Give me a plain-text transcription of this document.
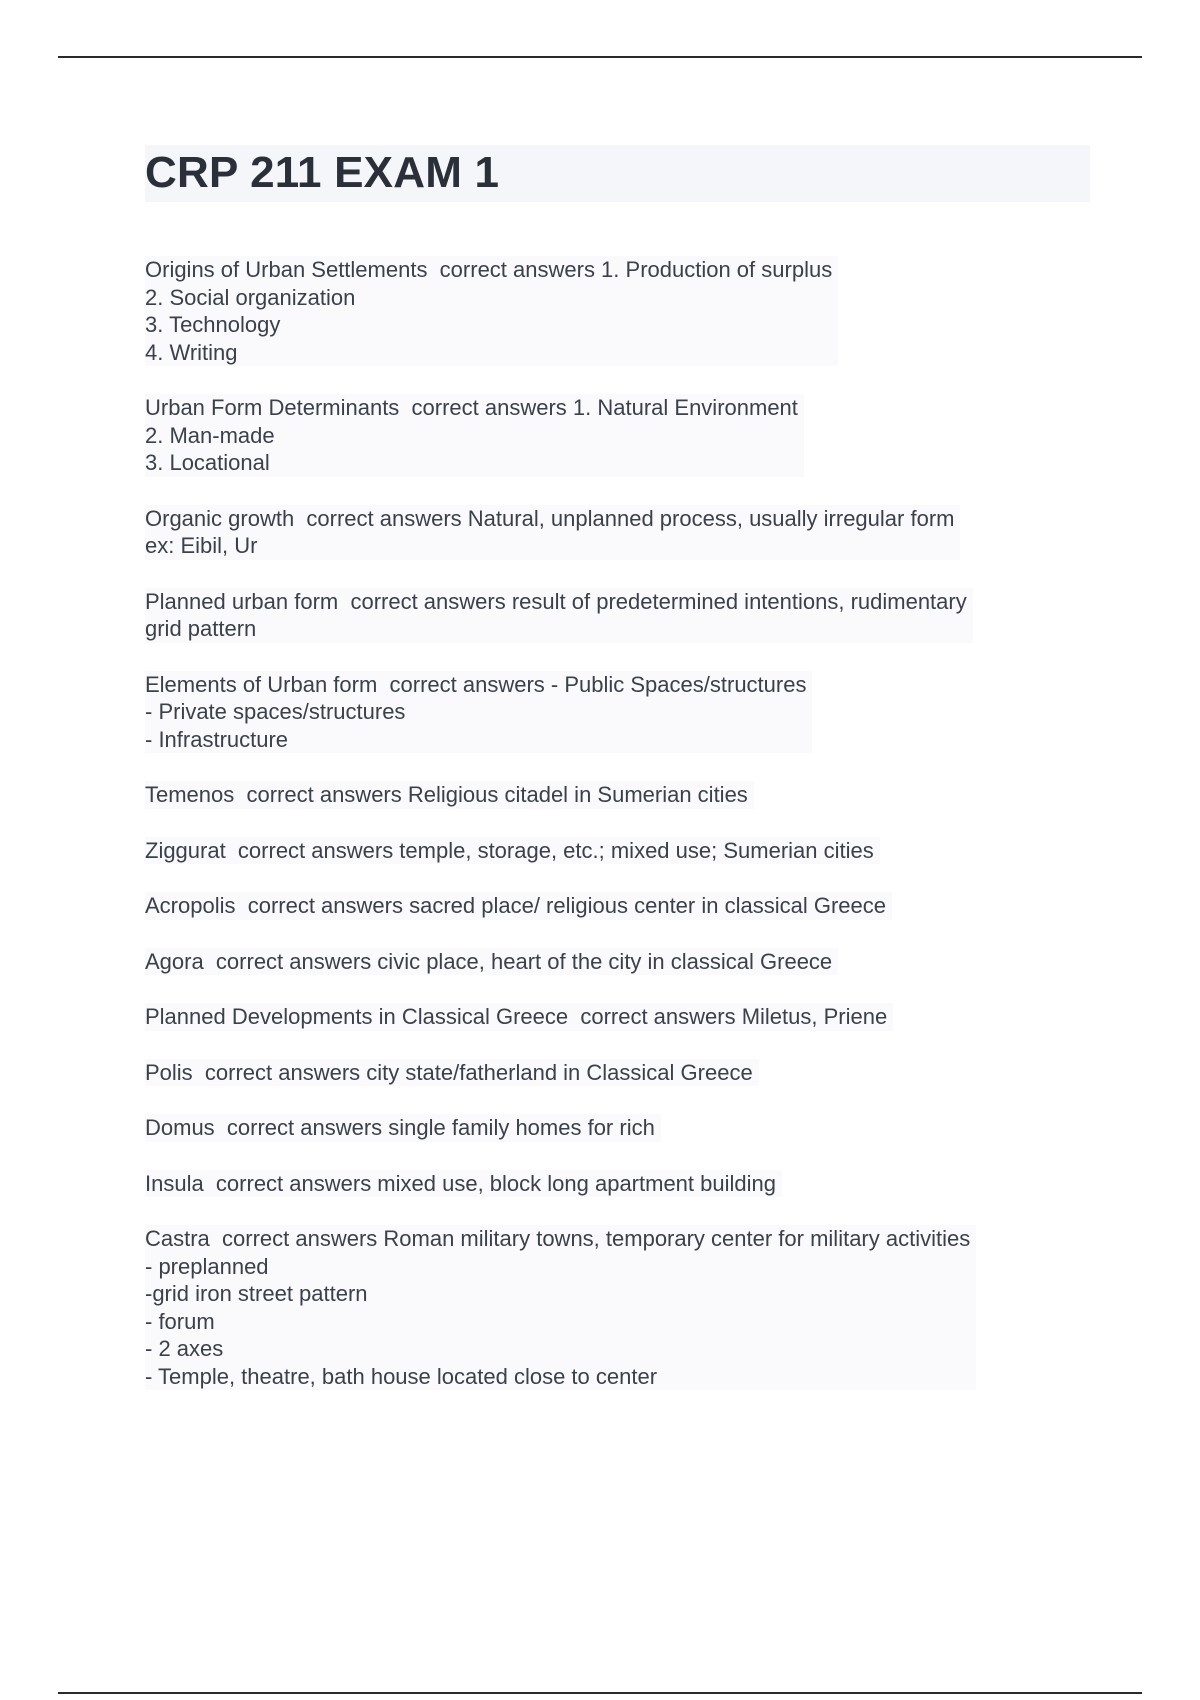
CRP 211 EXAM 1
Origins of Urban Settlements  correct answers 1. Production of surplus
2. Social organization
3. Technology
4. Writing
Urban Form Determinants  correct answers 1. Natural Environment
2. Man-made
3. Locational
Organic growth  correct answers Natural, unplanned process, usually irregular form
ex: Eibil, Ur
Planned urban form  correct answers result of predetermined intentions, rudimentary
grid pattern
Elements of Urban form  correct answers - Public Spaces/structures
- Private spaces/structures
- Infrastructure
Temenos  correct answers Religious citadel in Sumerian cities
Ziggurat  correct answers temple, storage, etc.; mixed use; Sumerian cities
Acropolis  correct answers sacred place/ religious center in classical Greece
Agora  correct answers civic place, heart of the city in classical Greece
Planned Developments in Classical Greece  correct answers Miletus, Priene
Polis  correct answers city state/fatherland in Classical Greece
Domus  correct answers single family homes for rich
Insula  correct answers mixed use, block long apartment building
Castra  correct answers Roman military towns, temporary center for military activities
- preplanned
-grid iron street pattern
- forum
- 2 axes
- Temple, theatre, bath house located close to center
